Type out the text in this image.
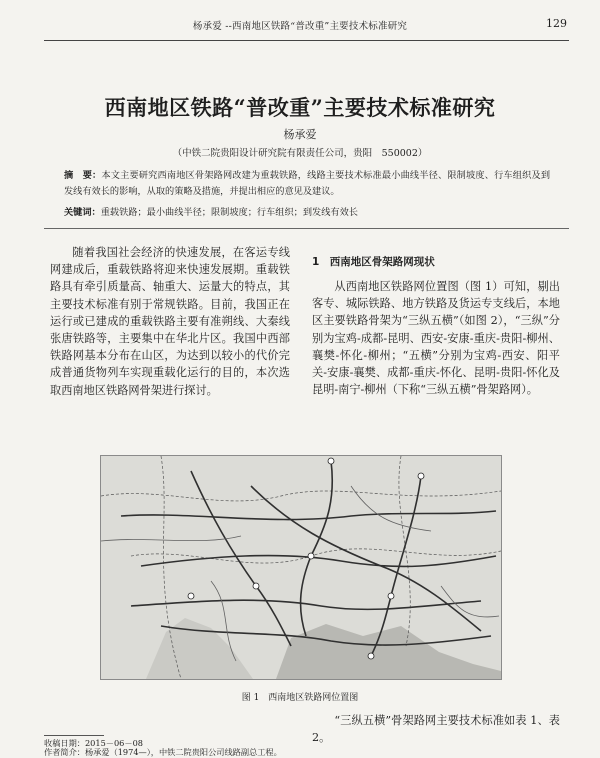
杨承爱 --西南地区铁路“普改重”主要技术标准研究	129
西南地区铁路“普改重”主要技术标准研究
杨承爱
（中铁二院贵阳设计研究院有限责任公司，贵阳　550002）
摘　要：本文主要研究西南地区骨架路网改建为重载铁路，线路主要技术标准最小曲线半径、限制坡度、行车组织及到发线有效长的影响，从取的策略及措施，并提出相应的意见及建议。
关键词：重载铁路；最小曲线半径；限制坡度；行车组织；到发线有效长
随着我国社会经济的快速发展，在客运专线网建成后，重载铁路将迎来快速发展期。重载铁路具有牵引质量高、轴重大、运量大的特点，其主要技术标准有别于常规铁路。目前，我国正在运行或已建成的重载铁路主要有准朔线、大秦线张唐铁路等，主要集中在华北片区。我国中西部铁路网基本分布在山区，为达到以较小的代价完成普通货物列车实现重载化运行的目的，本次选取西南地区铁路网骨架进行探讨。
1　西南地区骨架路网现状
从西南地区铁路网位置图（图 1）可知，剔出客专、城际铁路、地方铁路及货运专支线后，本地区主要铁路骨架为“三纵五横”（如图 2），“三纵”分别为宝鸡-成都-昆明、西安-安康-重庆-贵阳-柳州、襄樊-怀化-柳州；“五横”分别为宝鸡-西安、阳平关-安康-襄樊、成都-重庆-怀化、昆明-贵阳-怀化及昆明-南宁-柳州（下称“三纵五横”骨架路网）。
图 1　西南地区铁路网位置图
“三纵五横”骨架路网主要技术标准如表 1、表 2。
收稿日期：2015－06－08
作者简介：杨承爱（1974—），中铁二院贵阳公司线路副总工程。
